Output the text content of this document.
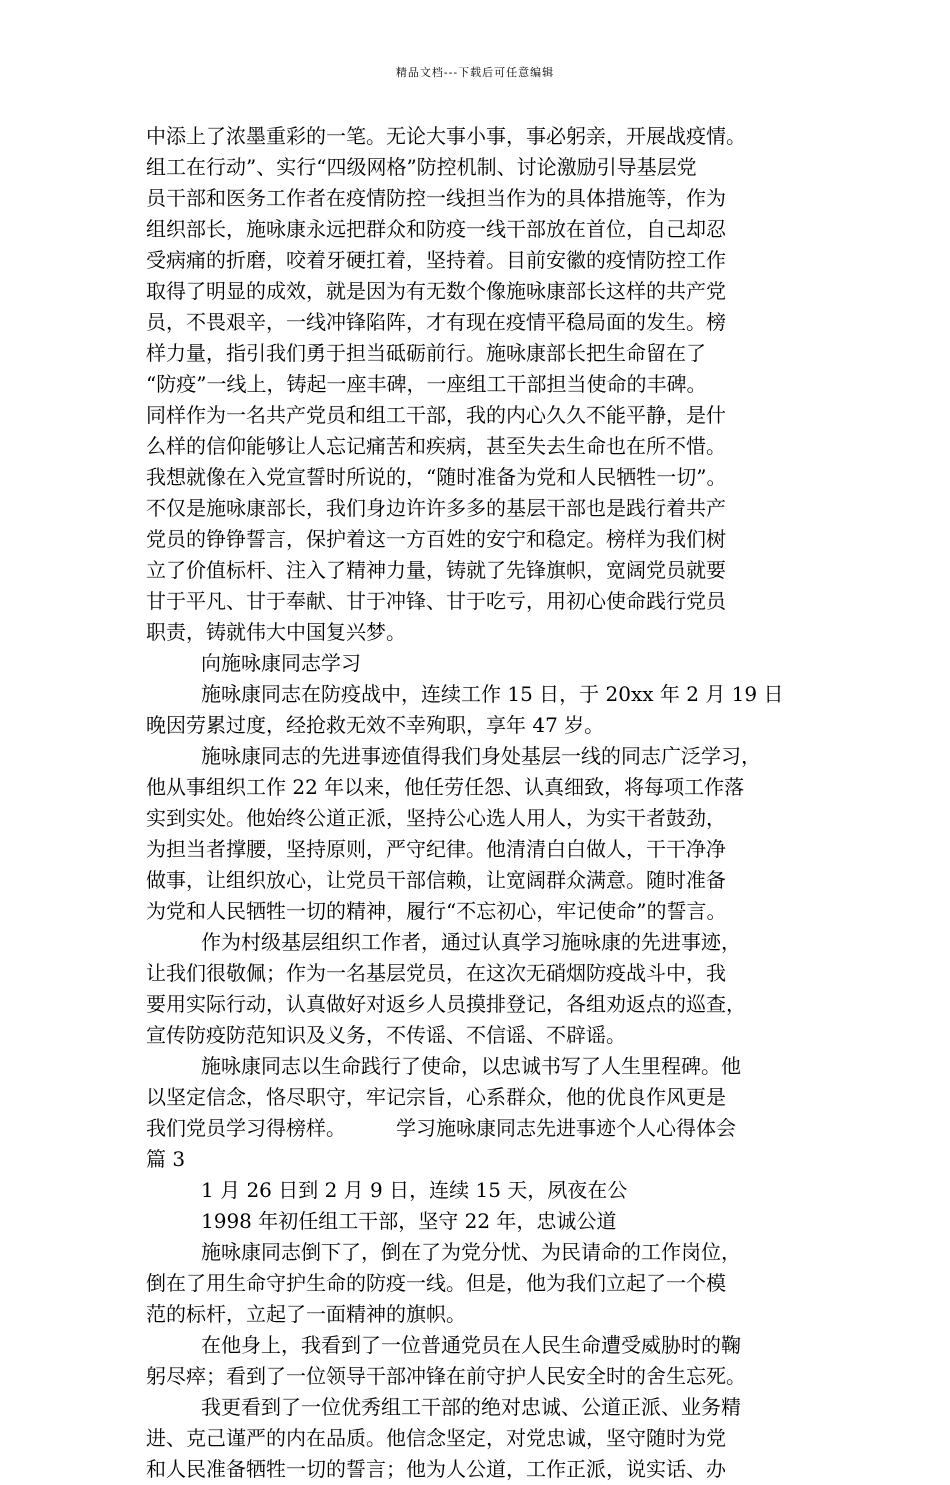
精品文档---下载后可任意编辑
中添上了浓墨重彩的一笔。无论大事小事，事必躬亲，开展战疫情。
组工在行动”、实行“四级网格”防控机制、讨论激励引导基层党
员干部和医务工作者在疫情防控一线担当作为的具体措施等，作为
组织部长，施咏康永远把群众和防疫一线干部放在首位，自己却忍
受病痛的折磨，咬着牙硬扛着，坚持着。目前安徽的疫情防控工作
取得了明显的成效，就是因为有无数个像施咏康部长这样的共产党
员，不畏艰辛，一线冲锋陷阵，才有现在疫情平稳局面的发生。榜
样力量，指引我们勇于担当砥砺前行。施咏康部长把生命留在了
“防疫”一线上，铸起一座丰碑，一座组工干部担当使命的丰碑。
同样作为一名共产党员和组工干部，我的内心久久不能平静，是什
么样的信仰能够让人忘记痛苦和疾病，甚至失去生命也在所不惜。
我想就像在入党宣誓时所说的，“随时准备为党和人民牺牲一切”。
不仅是施咏康部长，我们身边许许多多的基层干部也是践行着共产
党员的铮铮誓言，保护着这一方百姓的安宁和稳定。榜样为我们树
立了价值标杆、注入了精神力量，铸就了先锋旗帜，宽阔党员就要
甘于平凡、甘于奉献、甘于冲锋、甘于吃亏，用初心使命践行党员
职责，铸就伟大中国复兴梦。
向施咏康同志学习
施咏康同志在防疫战中，连续工作 15 日，于 20xx 年 2 月 19 日
晚因劳累过度，经抢救无效不幸殉职，享年 47 岁。
施咏康同志的先进事迹值得我们身处基层一线的同志广泛学习，
他从事组织工作 22 年以来，他任劳任怨、认真细致，将每项工作落
实到实处。他始终公道正派，坚持公心选人用人，为实干者鼓劲，
为担当者撑腰，坚持原则，严守纪律。他清清白白做人，干干净净
做事，让组织放心，让党员干部信赖，让宽阔群众满意。随时准备
为党和人民牺牲一切的精神，履行“不忘初心，牢记使命”的誓言。
作为村级基层组织工作者，通过认真学习施咏康的先进事迹，
让我们很敬佩；作为一名基层党员，在这次无硝烟防疫战斗中，我
要用实际行动，认真做好对返乡人员摸排登记，各组劝返点的巡查，
宣传防疫防范知识及义务，不传谣、不信谣、不辟谣。
施咏康同志以生命践行了使命，以忠诚书写了人生里程碑。他
以坚定信念，恪尽职守，牢记宗旨，心系群众，他的优良作风更是
我们党员学习得榜样。　　　学习施咏康同志先进事迹个人心得体会
篇 3
1 月 26 日到 2 月 9 日，连续 15 天，夙夜在公
1998 年初任组工干部，坚守 22 年，忠诚公道
施咏康同志倒下了，倒在了为党分忧、为民请命的工作岗位，
倒在了用生命守护生命的防疫一线。但是，他为我们立起了一个模
范的标杆，立起了一面精神的旗帜。
在他身上，我看到了一位普通党员在人民生命遭受威胁时的鞠
躬尽瘁；看到了一位领导干部冲锋在前守护人民安全时的舍生忘死。
我更看到了一位优秀组工干部的绝对忠诚、公道正派、业务精
进、克己谨严的内在品质。他信念坚定，对党忠诚，坚守随时为党
和人民准备牺牲一切的誓言；他为人公道，工作正派，说实话、办
